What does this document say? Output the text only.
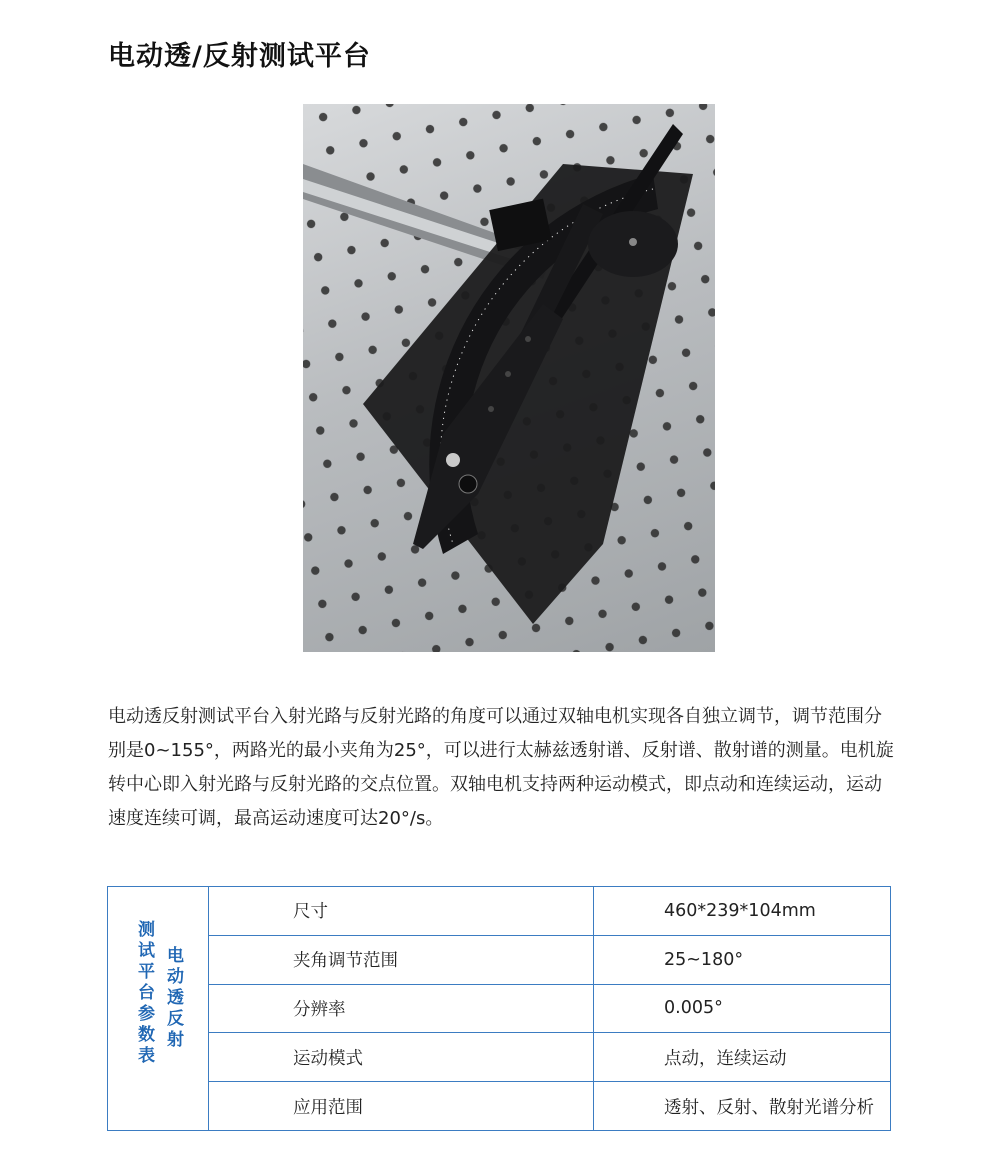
电动透/反射测试平台
电动透反射测试平台入射光路与反射光路的角度可以通过双轴电机实现各自独立调节，调节范围分别是0~155°，两路光的最小夹角为25°，可以进行太赫兹透射谱、反射谱、散射谱的测量。电机旋转中心即入射光路与反射光路的交点位置。双轴电机支持两种运动模式，即点动和连续运动，运动速度连续可调，最高运动速度可达20°/s。
电动透反射
测试平台参数表	尺寸	460*239*104mm
	夹角调节范围	25~180°
	分辨率	0.005°
	运动模式	点动，连续运动
	应用范围	透射、反射、散射光谱分析
